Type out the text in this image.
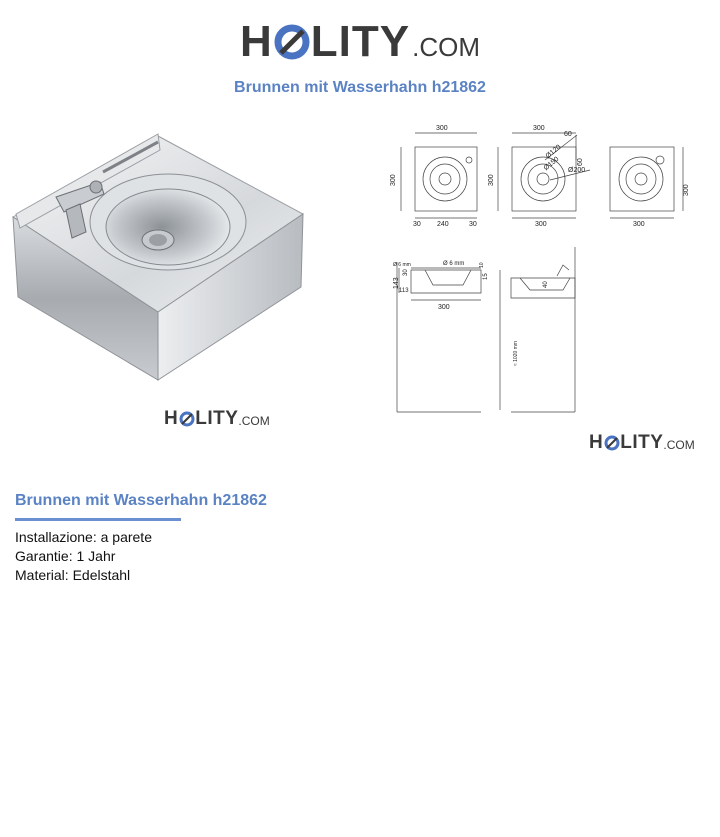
H LITY .COM
Brunnen mit Wasserhahn h21862
H LITY .COM
300
300
30 240	30
300
300
60
60
Ø120
Ø150 Ø200
300
300
300
Ø 6 mm	Ø 6 mm
143
113
30
10
15
300
40
≈ 1020 mm
H LITY .COM
Brunnen mit Wasserhahn h21862
Installazione: a parete
Garantie: 1 Jahr
Material: Edelstahl
